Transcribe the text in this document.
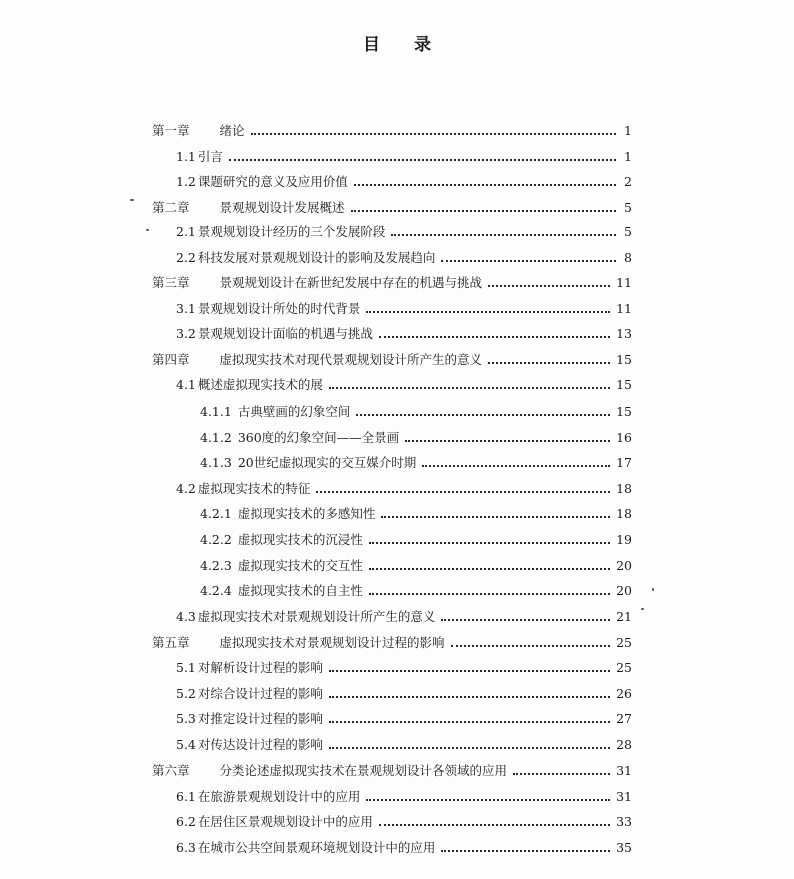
目 录
第一章 绪论	1
1.1 引言	1
1.2 课题研究的意义及应用价值	2
第二章 景观规划设计发展概述	5
2.1 景观规划设计经历的三个发展阶段	5
2.2 科技发展对景观规划设计的影响及发展趋向	8
第三章 景观规划设计在新世纪发展中存在的机遇与挑战	11
3.1 景观规划设计所处的时代背景	11
3.2 景观规划设计面临的机遇与挑战	13
第四章 虚拟现实技术对现代景观规划设计所产生的意义	15
4.1 概述虚拟现实技术的展	15
4.1.1 古典壁画的幻象空间	15
4.1.2 360度的幻象空间——全景画	16
4.1.3 20世纪虚拟现实的交互媒介时期	17
4.2 虚拟现实技术的特征	18
4.2.1 虚拟现实技术的多感知性	18
4.2.2 虚拟现实技术的沉浸性	19
4.2.3 虚拟现实技术的交互性	20
4.2.4 虚拟现实技术的自主性	20
4.3 虚拟现实技术对景观规划设计所产生的意义	21
第五章 虚拟现实技术对景观规划设计过程的影响	25
5.1 对解析设计过程的影响	25
5.2 对综合设计过程的影响	26
5.3 对推定设计过程的影响	27
5.4 对传达设计过程的影响	28
第六章 分类论述虚拟现实技术在景观规划设计各领域的应用	31
6.1 在旅游景观规划设计中的应用	31
6.2 在居住区景观规划设计中的应用	33
6.3 在城市公共空间景观环境规划设计中的应用	35
